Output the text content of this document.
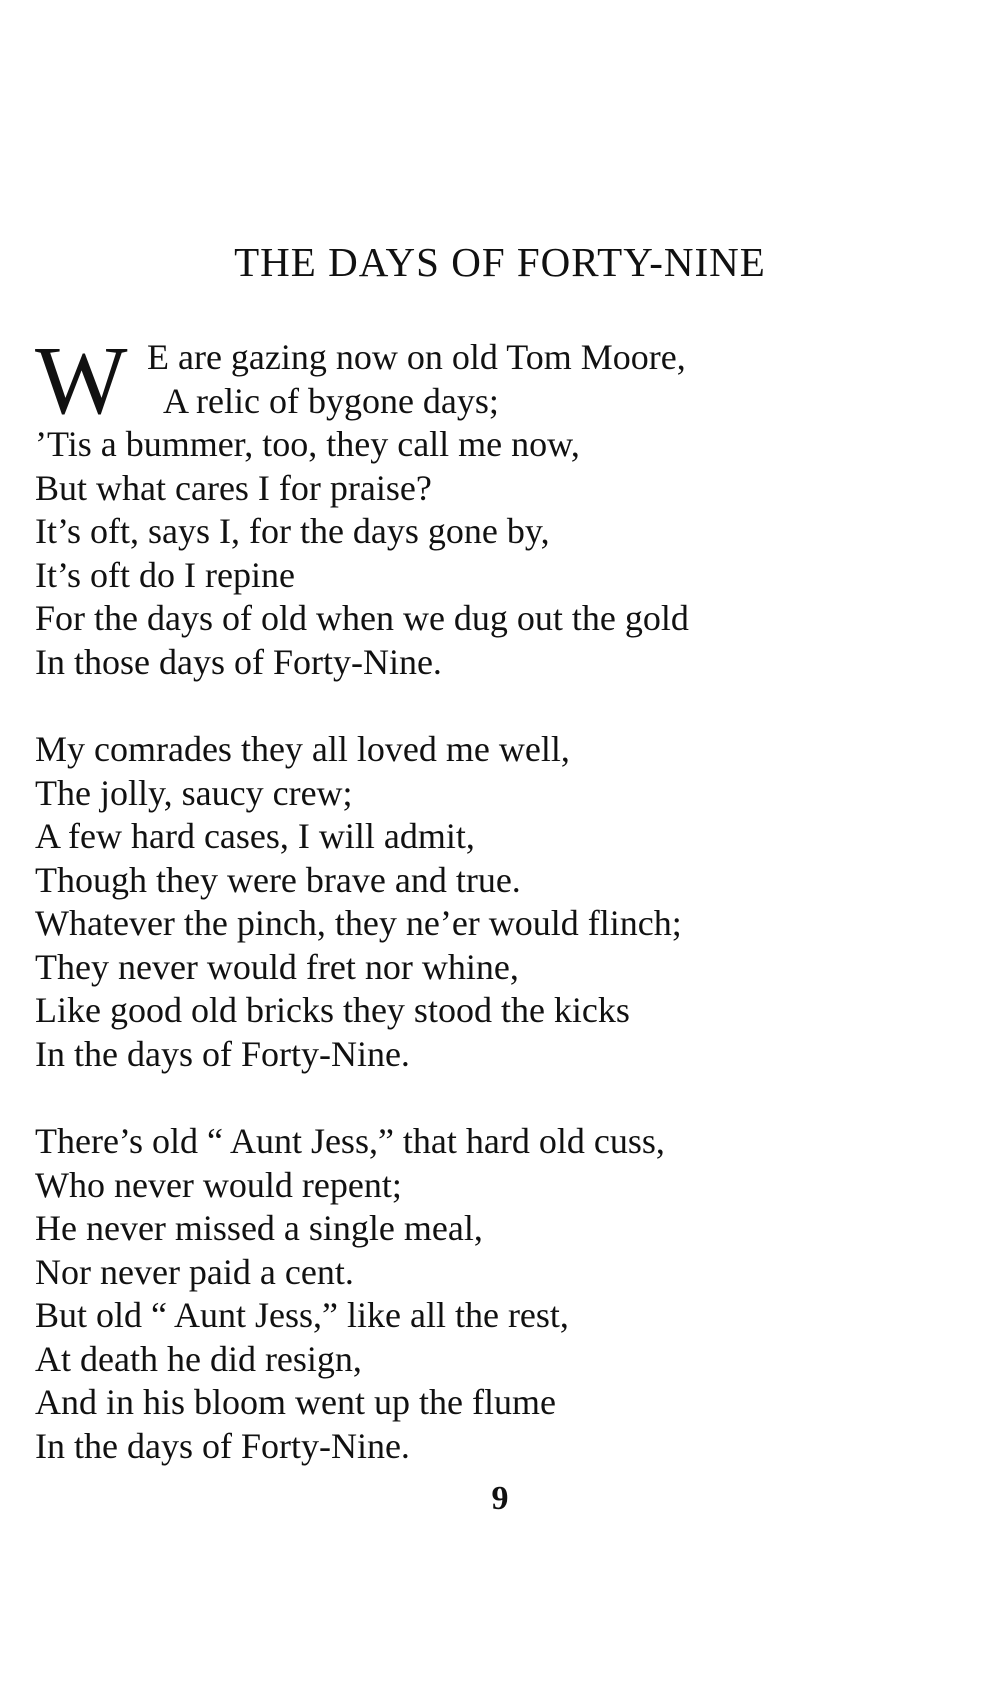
THE DAYS OF FORTY-NINE
W E are gazing now on old Tom Moore,
A relic of bygone days;
’Tis a bummer, too, they call me now,
But what cares I for praise?
It’s oft, says I, for the days gone by,
It’s oft do I repine
For the days of old when we dug out the gold
In those days of Forty-Nine.
My comrades they all loved me well,
The jolly, saucy crew;
A few hard cases, I will admit,
Though they were brave and true.
Whatever the pinch, they ne’er would flinch;
They never would fret nor whine,
Like good old bricks they stood the kicks
In the days of Forty-Nine.
There’s old “ Aunt Jess,” that hard old cuss,
Who never would repent;
He never missed a single meal,
Nor never paid a cent.
But old “ Aunt Jess,” like all the rest,
At death he did resign,
And in his bloom went up the flume
In the days of Forty-Nine.
9
